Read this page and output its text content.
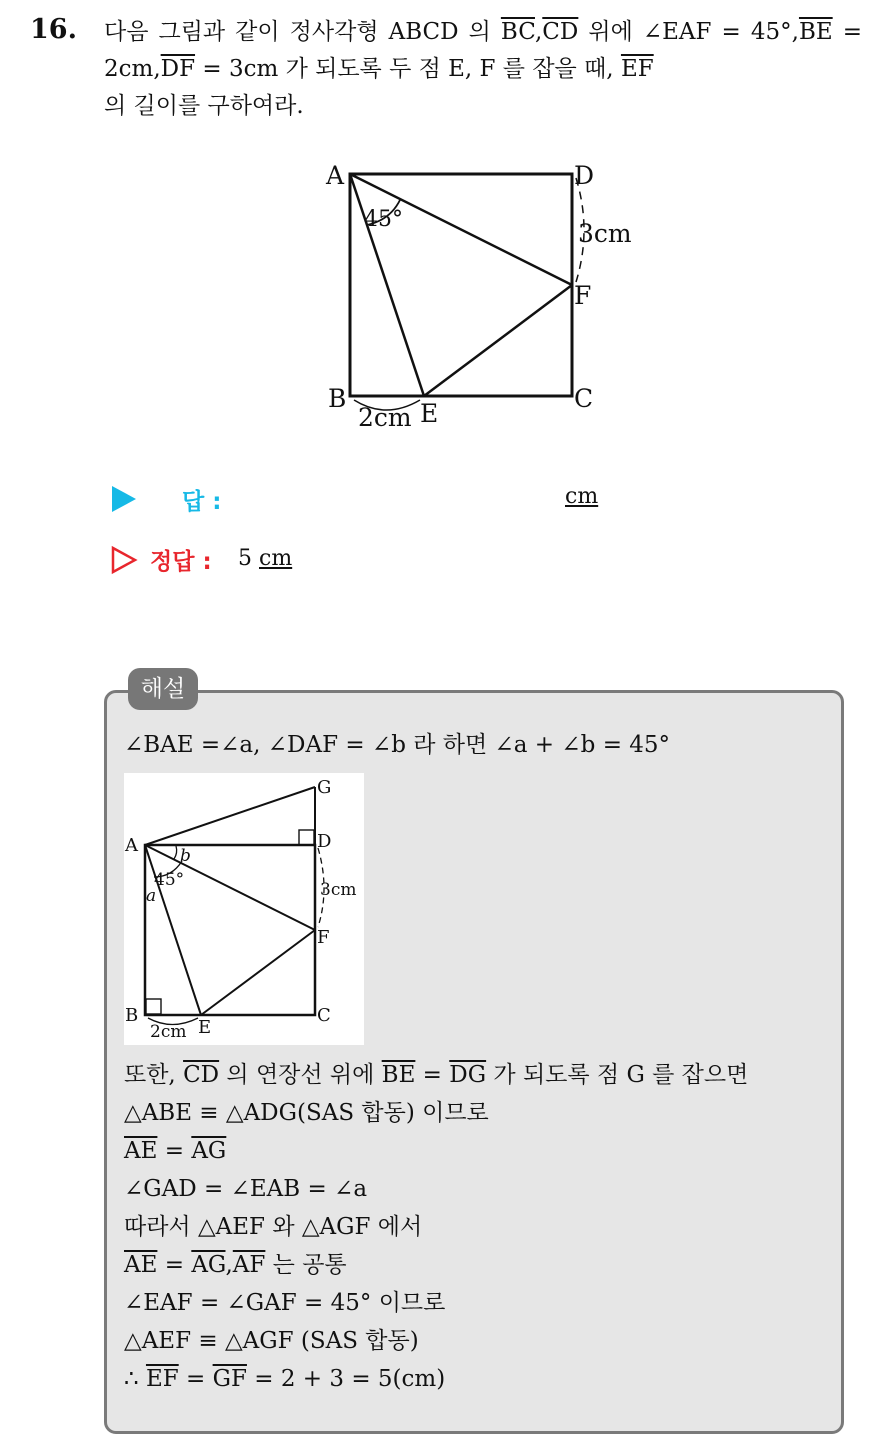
16. 다음 그림과 같이 정사각형 ABCD 의 $\overline{BC},\overline{CD}$ 위에 ∠EAF = $45^\circ,\overline{BE} = 2cm,\overline{DF} = 3cm$ 가 되도록 두 점 E, F 를 잡을 때, $\overline{EF}$
의 길이를 구하여라.
A	D
45°	3cm
F
B
2cm E
C
답 :	cm
정답 : 5 cm
해설
∠BAE =∠a, ∠DAF = ∠b 라 하면 ∠a + ∠b = 45°
G
A	D
b
45°
a	3cm
F
B
2cm E
C
또한, $\overline{CD}$ 의 연장선 위에 $\overline{BE} = \overline{DG}$ 가 되도록 점 G 를 잡으면
△ABE ≡ △ADG(SAS 합동) 이므로
$\overline{AE} = \overline{AG}$
∠GAD = ∠EAB = ∠a
따라서 △AEF 와 △AGF 에서
$\overline{AE} = \overline{AG},\overline{AF}$ 는 공통
∠EAF = ∠GAF = 45° 이므로
△AEF ≡ △AGF (SAS 합동)
∴ $\overline{EF} = \overline{GF} = 2 + 3 = 5(cm)$
